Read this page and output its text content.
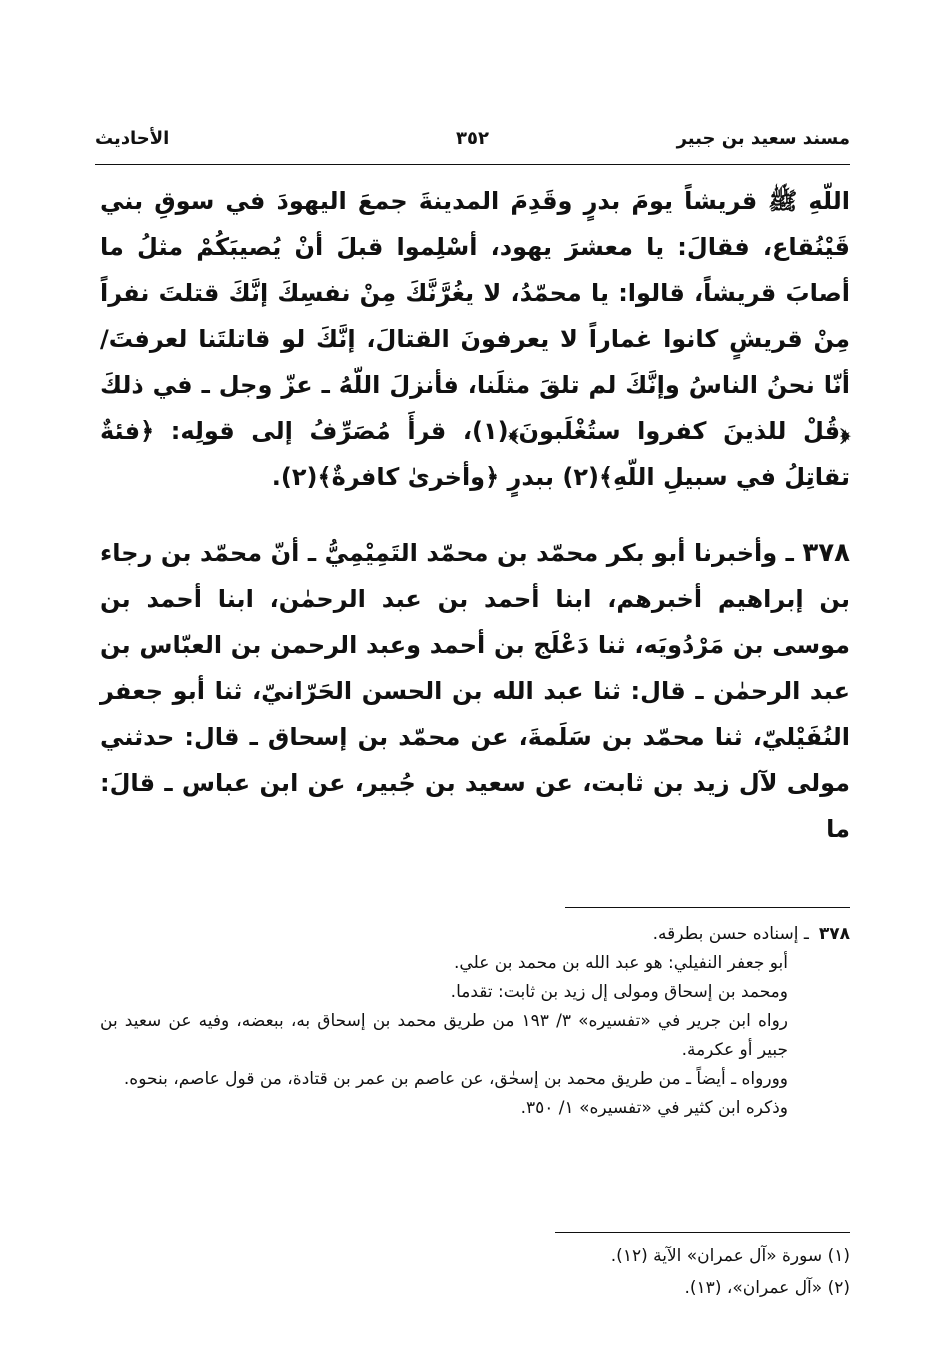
مسند سعيد بن جبير
٣٥٢
الأحاديث

اللّهِ ﷺ قريشاً يومَ بدرٍ وقَدِمَ المدينةَ جمعَ اليهودَ في سوقِ بني قَيْنُقاع، فقالَ: يا معشرَ يهود، أسْلِموا قبلَ أنْ يُصيبَكُمْ مثلُ ما أصابَ قريشاً، قالوا: يا محمّدُ، لا يغُرَّنَّكَ مِنْ نفسِكَ إنَّكَ قتلتَ نفراً مِنْ قريشٍ كانوا غماراً لا يعرفونَ القتالَ، إنَّكَ لو قاتلتَنا لعرفتَ/ أنّا نحنُ الناسُ وإنَّكَ لم تلقَ مثلَنا، فأنزلَ اللّهُ ـ عزّ وجل ـ في ذلكَ ﴿قُلْ للذينَ كفروا ستُغْلَبونَ﴾(١)، قرأَ مُصَرِّفُ إلى قولِه: ﴿فئةٌ تقاتِلُ في سبيلِ اللّهِ﴾(٢) ببدرٍ ﴿وأخرىٰ كافرةٌ﴾(٢).

٣٧٨ ـ وأخبرنا أبو بكر محمّد بن محمّد التَمِيْمِيُّ ـ أنّ محمّد بن رجاء بن إبراهيم أخبرهم، ابنا أحمد بن عبد الرحمٰن، ابنا أحمد بن موسى بن مَرْدُويَه، ثنا دَعْلَج بن أحمد وعبد الرحمن بن العبّاس بن عبد الرحمٰن ـ قال: ثنا عبد الله بن الحسن الحَرّانيّ، ثنا أبو جعفر النُفَيْليّ، ثنا محمّد بن سَلَمةَ، عن محمّد بن إسحاق ـ قال: حدثني مولى لآل زيد بن ثابت، عن سعيد بن جُبير، عن ابن عباس ـ قالَ: ما

٣٧٨
ـ إسناده حسن بطرقه.

أبو جعفر النفيلي: هو عبد الله بن محمد بن علي.

ومحمد بن إسحاق ومولى إل زيد بن ثابت: تقدما.

رواه ابن جرير في «تفسيره» ٣/ ١٩٣ من طريق محمد بن إسحاق به، ببعضه، وفيه عن سعيد بن جبير أو عكرمة.

وورواه ـ أيضاً ـ من طريق محمد بن إسحٰق، عن عاصم بن عمر بن قتادة، من قول عاصم، بنحوه.

وذكره ابن كثير في «تفسيره» ١/ ٣٥٠.

(١) سورة «آل عمران» الآية (١٢).

(٢) «آل عمران»، (١٣).
